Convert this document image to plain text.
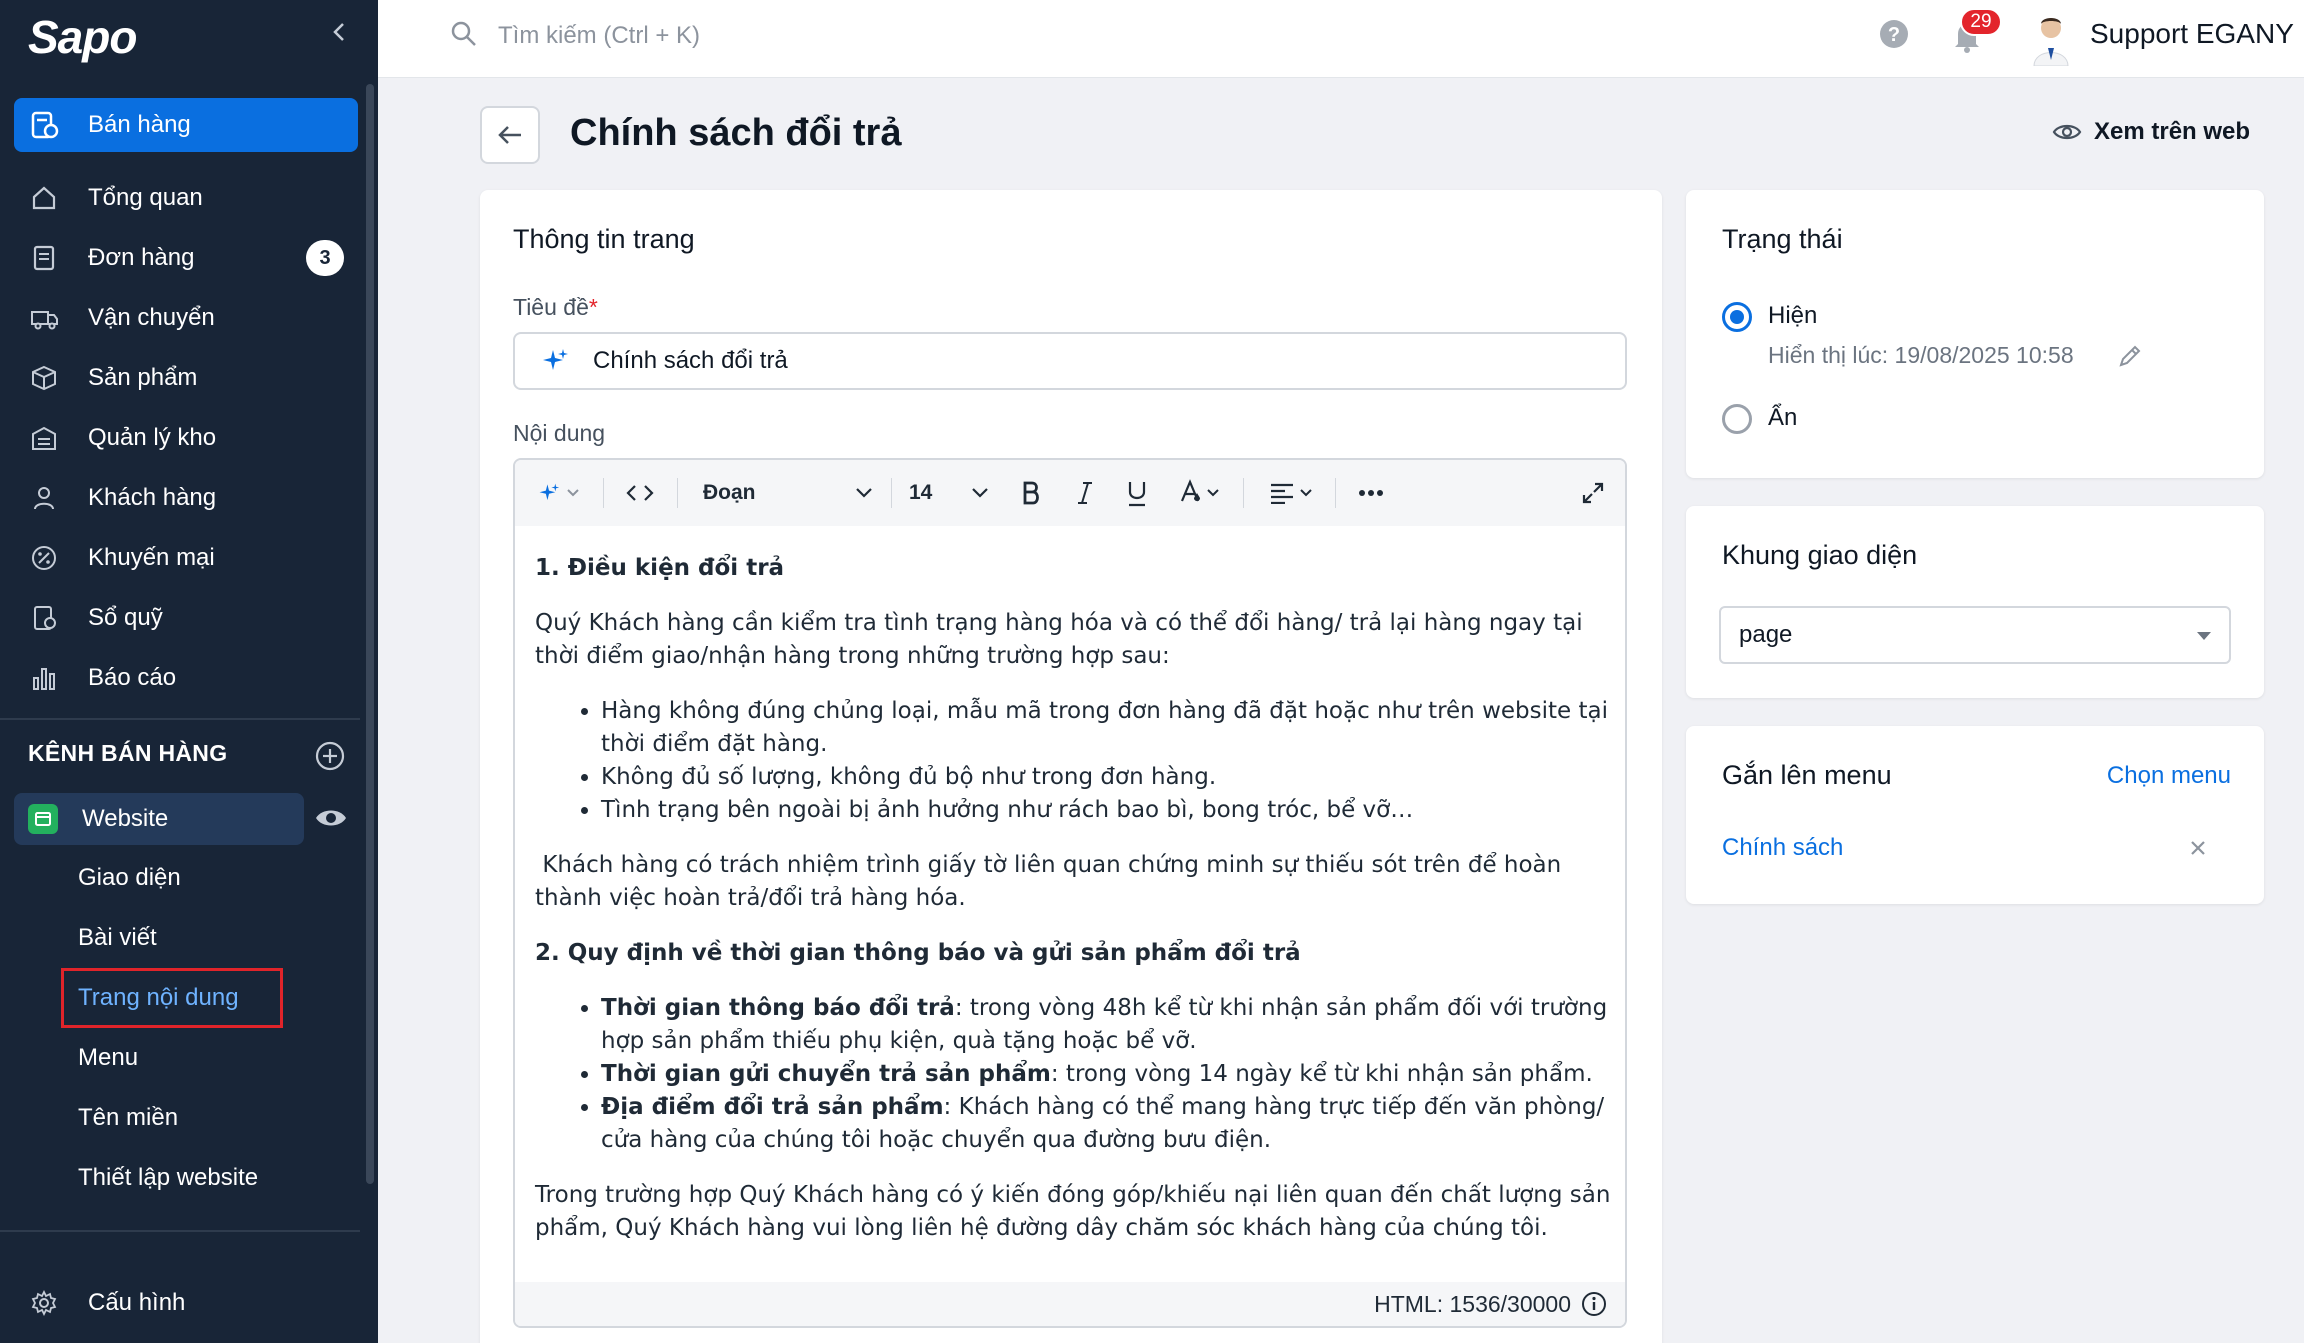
Sapo
Bán hàng
Tổng quan
Đơn hàng	3
Vận chuyển
Sản phẩm
Quản lý kho
Khách hàng
Khuyến mại
Sổ quỹ
Báo cáo
KÊNH BÁN HÀNG
Website
Giao diện
Bài viết
Trang nội dung
Menu
Tên miền
Thiết lập website
Cấu hình
Tìm kiếm (Ctrl + K)
?
29	Support EGANY
Chính sách đổi trả	Xem trên web
Thông tin trang
Tiêu đề*
Chính sách đổi trả
Nội dung
Đoạn	14

1. Điều kiện đổi trả

Quý Khách hàng cần kiểm tra tình trạng hàng hóa và có thể đổi hàng/ trả lại hàng ngay tại thời điểm giao/nhận hàng trong những trường hợp sau:

• Hàng không đúng chủng loại, mẫu mã trong đơn hàng đã đặt hoặc như trên website tại thời điểm đặt hàng.
• Không đủ số lượng, không đủ bộ như trong đơn hàng.
• Tình trạng bên ngoài bị ảnh hưởng như rách bao bì, bong tróc, bể vỡ…

Khách hàng có trách nhiệm trình giấy tờ liên quan chứng minh sự thiếu sót trên để hoàn thành việc hoàn trả/đổi trả hàng hóa.

2. Quy định về thời gian thông báo và gửi sản phẩm đổi trả

• Thời gian thông báo đổi trả: trong vòng 48h kể từ khi nhận sản phẩm đối với trường hợp sản phẩm thiếu phụ kiện, quà tặng hoặc bể vỡ.
• Thời gian gửi chuyển trả sản phẩm: trong vòng 14 ngày kể từ khi nhận sản phẩm.
• Địa điểm đổi trả sản phẩm: Khách hàng có thể mang hàng trực tiếp đến văn phòng/ cửa hàng của chúng tôi hoặc chuyển qua đường bưu điện.

Trong trường hợp Quý Khách hàng có ý kiến đóng góp/khiếu nại liên quan đến chất lượng sản phẩm, Quý Khách hàng vui lòng liên hệ đường dây chăm sóc khách hàng của chúng tôi.

HTML: 1536/30000
Trạng thái
Hiện
Hiển thị lúc: 19/08/2025 10:58
Ẩn
Khung giao diện
page
Gắn lên menu	Chọn menu
Chính sách
